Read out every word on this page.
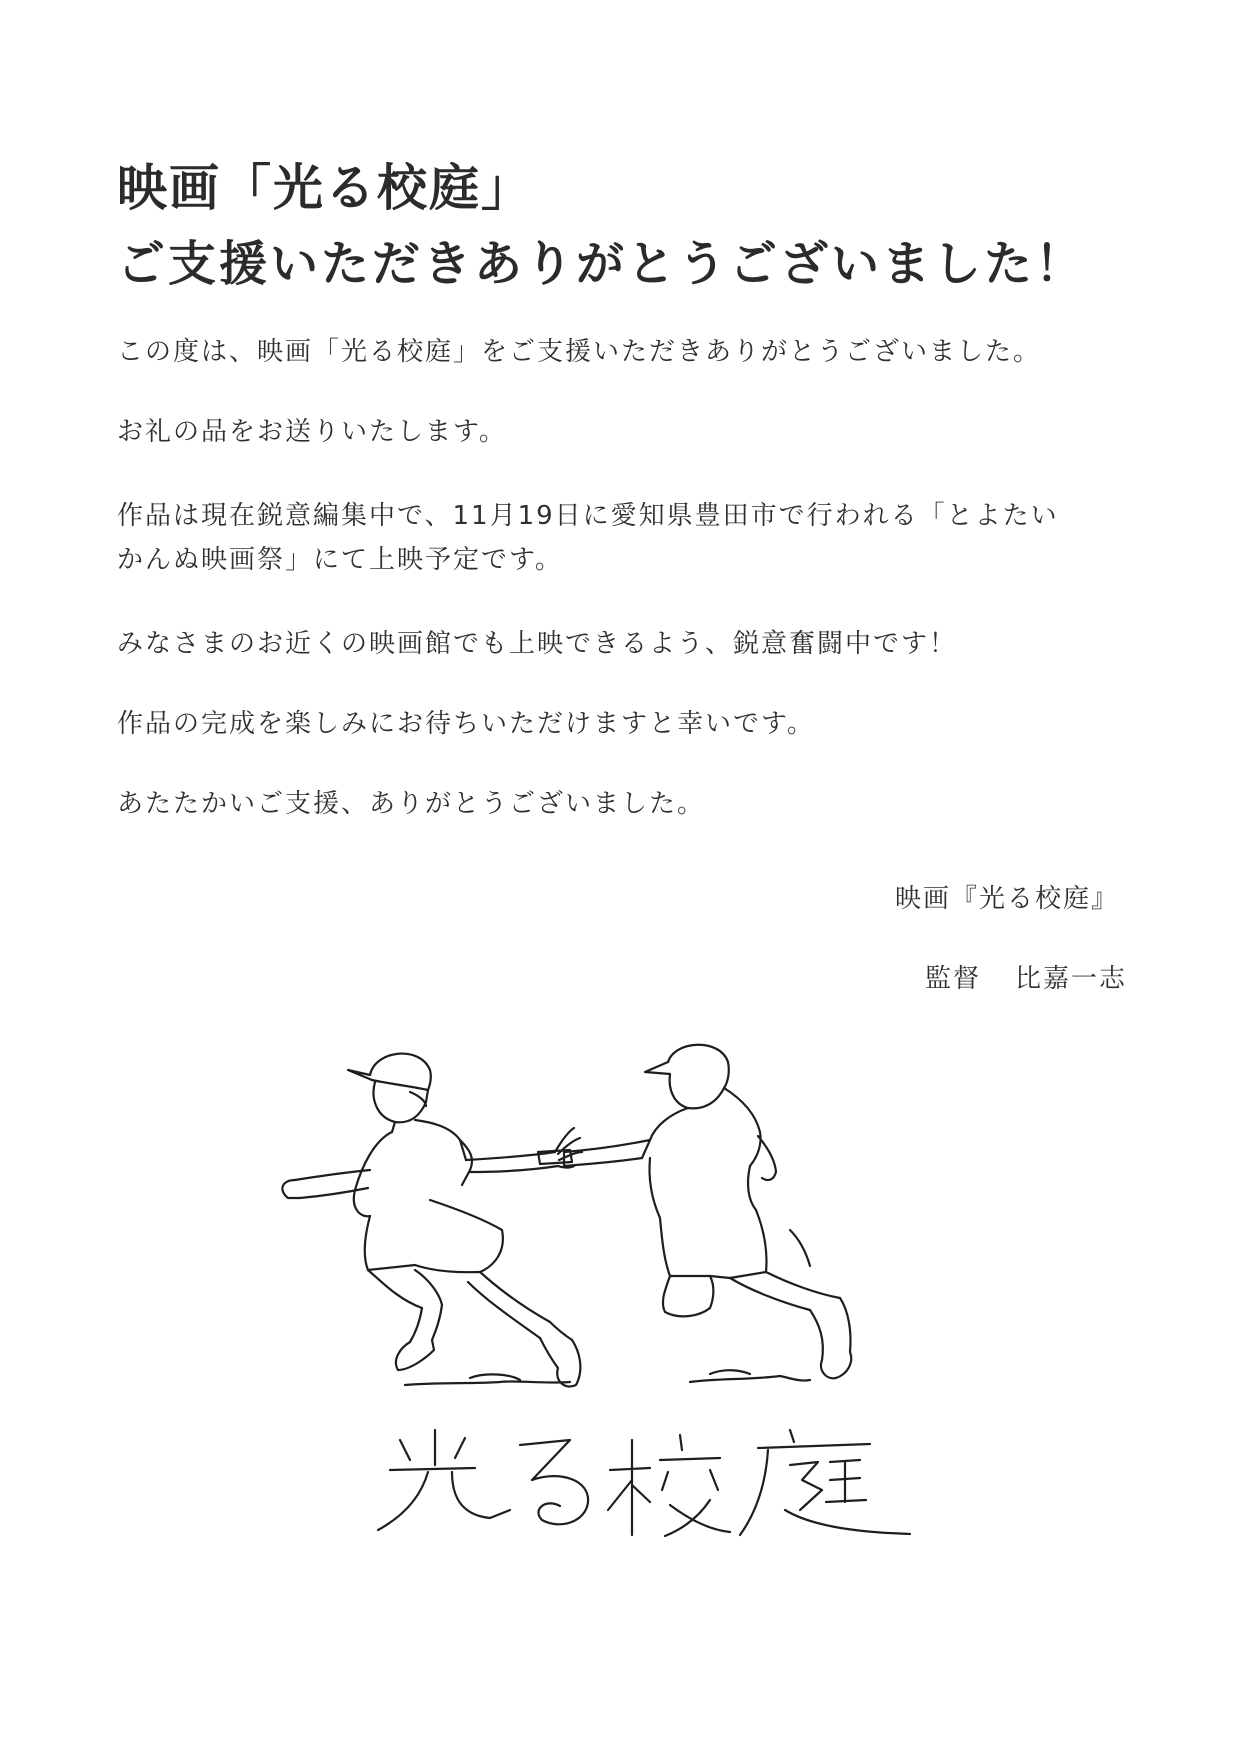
映画「光る校庭」
ご支援いただきありがとうございました！
この度は、映画「光る校庭」をご支援いただきありがとうございました。
お礼の品をお送りいたします。
作品は現在鋭意編集中で、11月19日に愛知県豊田市で行われる「とよたい
かんぬ映画祭」にて上映予定です。
みなさまのお近くの映画館でも上映できるよう、鋭意奮闘中です！
作品の完成を楽しみにお待ちいただけますと幸いです。
あたたかいご支援、ありがとうございました。
映画『光る校庭』
監督 比嘉一志
